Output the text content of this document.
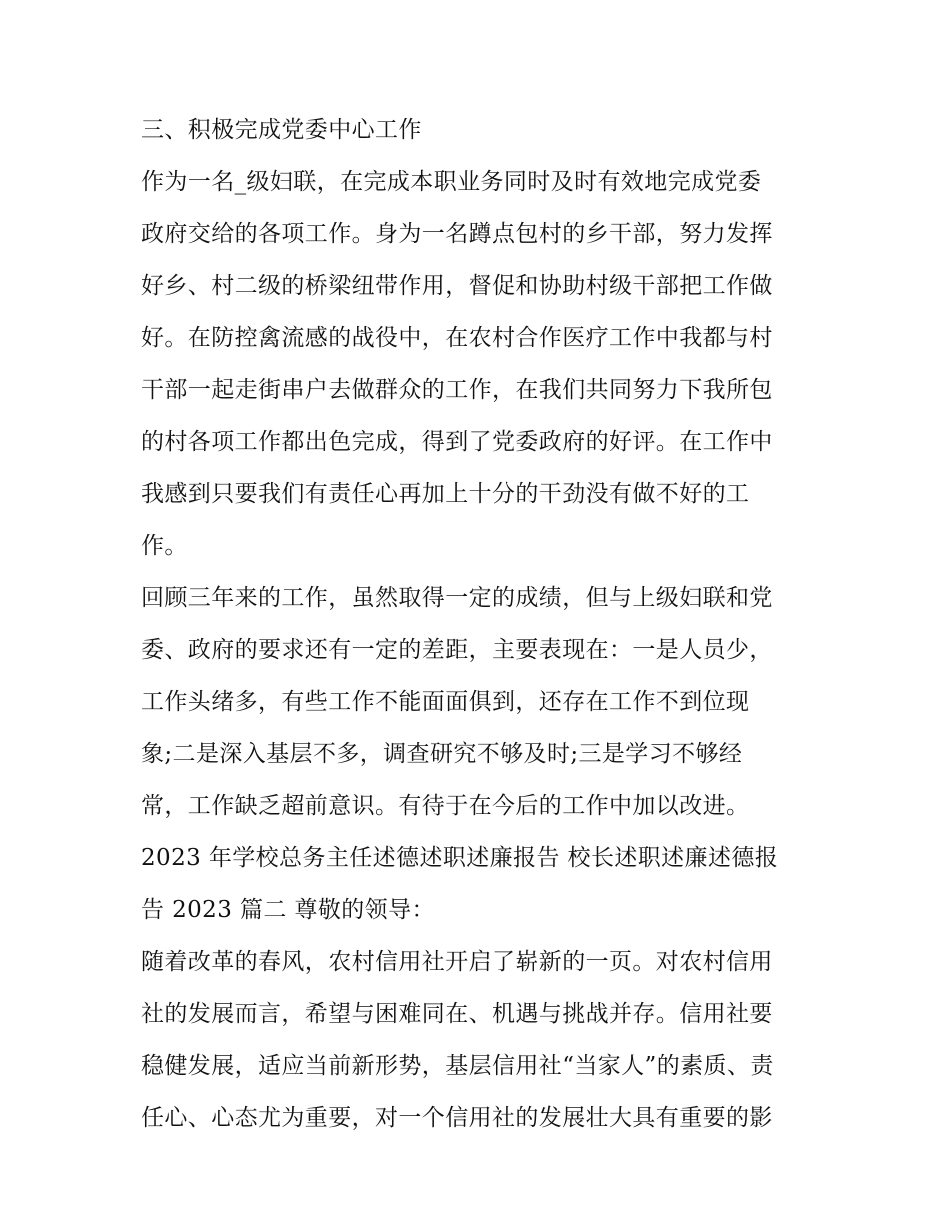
三、积极完成党委中心工作
作为一名_级妇联，在完成本职业务同时及时有效地完成党委
政府交给的各项工作。身为一名蹲点包村的乡干部，努力发挥
好乡、村二级的桥梁纽带作用，督促和协助村级干部把工作做
好。在防控禽流感的战役中，在农村合作医疗工作中我都与村
干部一起走街串户去做群众的工作，在我们共同努力下我所包
的村各项工作都出色完成，得到了党委政府的好评。在工作中
我感到只要我们有责任心再加上十分的干劲没有做不好的工
作。
回顾三年来的工作，虽然取得一定的成绩，但与上级妇联和党
委、政府的要求还有一定的差距，主要表现在：一是人员少，
工作头绪多，有些工作不能面面俱到，还存在工作不到位现
象;二是深入基层不多，调查研究不够及时;三是学习不够经
常，工作缺乏超前意识。有待于在今后的工作中加以改进。
2023 年学校总务主任述德述职述廉报告 校长述职述廉述德报
告 2023 篇二 尊敬的领导：
随着改革的春风，农村信用社开启了崭新的一页。对农村信用
社的发展而言，希望与困难同在、机遇与挑战并存。信用社要
稳健发展，适应当前新形势，基层信用社“当家人”的素质、责
任心、心态尤为重要，对一个信用社的发展壮大具有重要的影
